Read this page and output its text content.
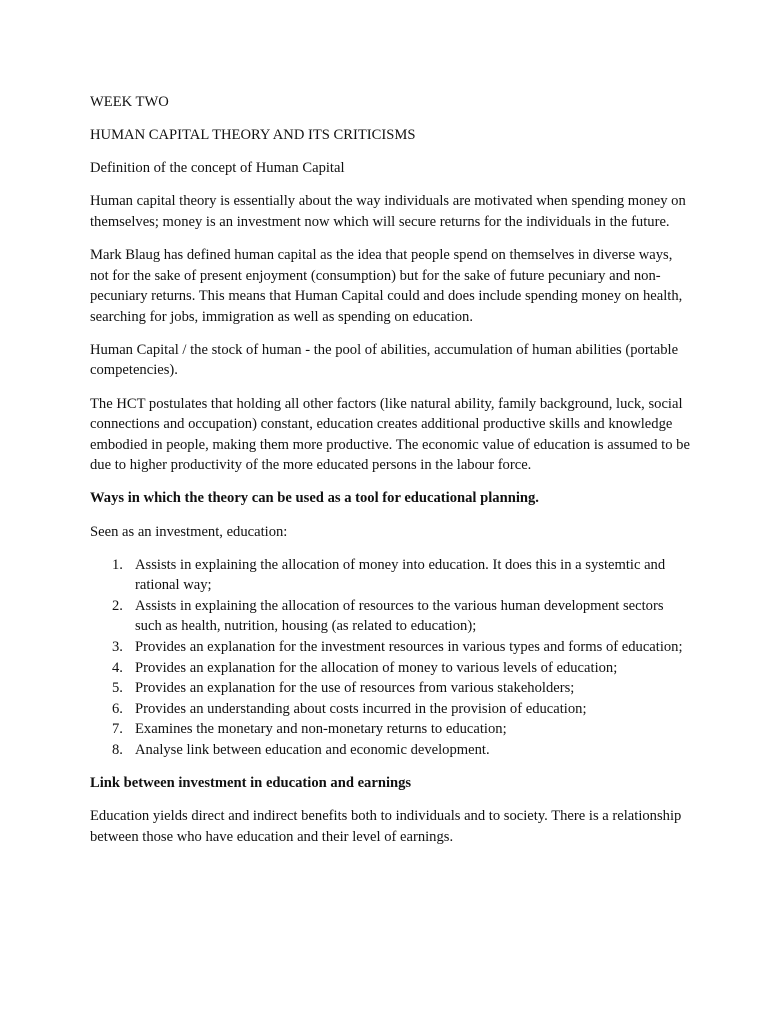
WEEK TWO

HUMAN CAPITAL THEORY AND ITS CRITICISMS

Definition of the concept of Human Capital

Human capital theory is essentially about the way individuals are motivated when spending money on themselves; money is an investment now which will secure returns for the individuals in the future.

Mark Blaug has defined human capital as the idea that people spend on themselves in diverse ways, not for the sake of present enjoyment (consumption) but for the sake of future pecuniary and non-pecuniary returns. This means that Human Capital could and does include spending money on health, searching for jobs, immigration as well as spending on education.

Human Capital / the stock of human - the pool of abilities, accumulation of human abilities (portable competencies).

The HCT postulates that holding all other factors (like natural ability, family background, luck, social connections and occupation) constant, education creates additional productive skills and knowledge embodied in people, making them more productive. The economic value of education is assumed to be due to higher productivity of the more educated persons in the labour force.

Ways in which the theory can be used as a tool for educational planning.

Seen as an investment, education:

1. Assists in explaining the allocation of money into education. It does this in a systemtic and rational way;
2. Assists in explaining the allocation of resources to the various human development sectors such as health, nutrition, housing (as related to education);
3. Provides an explanation for the investment resources in various types and forms of education;
4. Provides an explanation for the allocation of money to various levels of education;
5. Provides an explanation for the use of resources from various stakeholders;
6. Provides an understanding about costs incurred in the provision of education;
7. Examines the monetary and non-monetary returns to education;
8. Analyse link between education and economic development.

Link between investment in education and earnings

Education yields direct and indirect benefits both to individuals and to society. There is a relationship between those who have education and their level of earnings.
